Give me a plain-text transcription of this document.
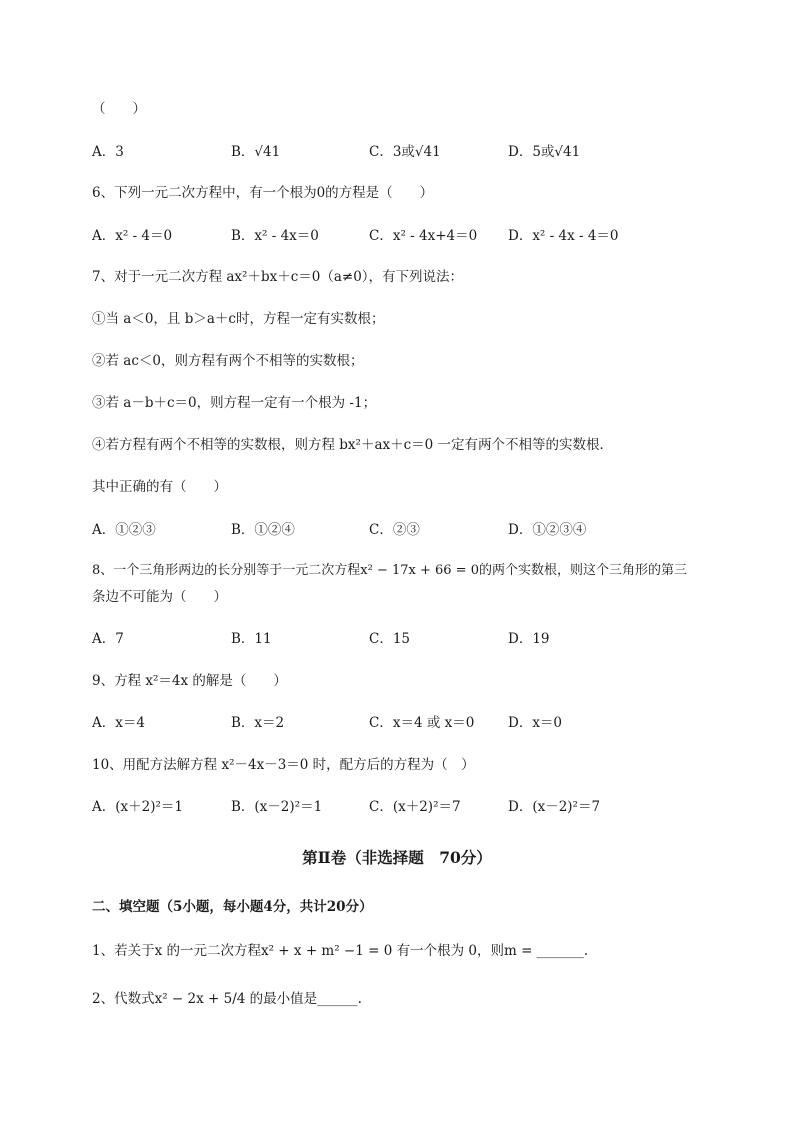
（　　）
A．3	B．√41	C．3或√41	D．5或√41
6、下列一元二次方程中，有一个根为0的方程是（　　）
A．x² - 4＝0	B．x² - 4x＝0	C．x² - 4x+4＝0 D．x² - 4x - 4＝0
7、对于一元二次方程 ax²＋bx＋c＝0（a≠0），有下列说法：
①当 a＜0，且 b＞a＋c时，方程一定有实数根；
②若 ac＜0，则方程有两个不相等的实数根；
③若 a－b＋c＝0，则方程一定有一个根为 -1；
④若方程有两个不相等的实数根，则方程 bx²＋ax＋c＝0 一定有两个不相等的实数根．
其中正确的有（　　）
A．①②③	B．①②④	C．②③	D．①②③④
8、一个三角形两边的长分别等于一元二次方程x² − 17x + 66 = 0的两个实数根，则这个三角形的第三
条边不可能为（　　）
A．7	B．11	C．15	D．19
9、方程 x²＝4x 的解是（　　）
A．x＝4	B．x＝2	C．x＝4 或 x＝0 D．x＝0
10、用配方法解方程 x²－4x－3＝0 时，配方后的方程为（　）
A．(x＋2)²＝1	B．(x－2)²＝1	C．(x＋2)²＝7	D．(x－2)²＝7
第Ⅱ卷（非选择题　70分）
二、填空题（5小题，每小题4分，共计20分）
1、若关于x 的一元二次方程x² + x + m² −1 = 0 有一个根为 0，则m = _______.
2、代数式x² − 2x + 5/4 的最小值是______.
